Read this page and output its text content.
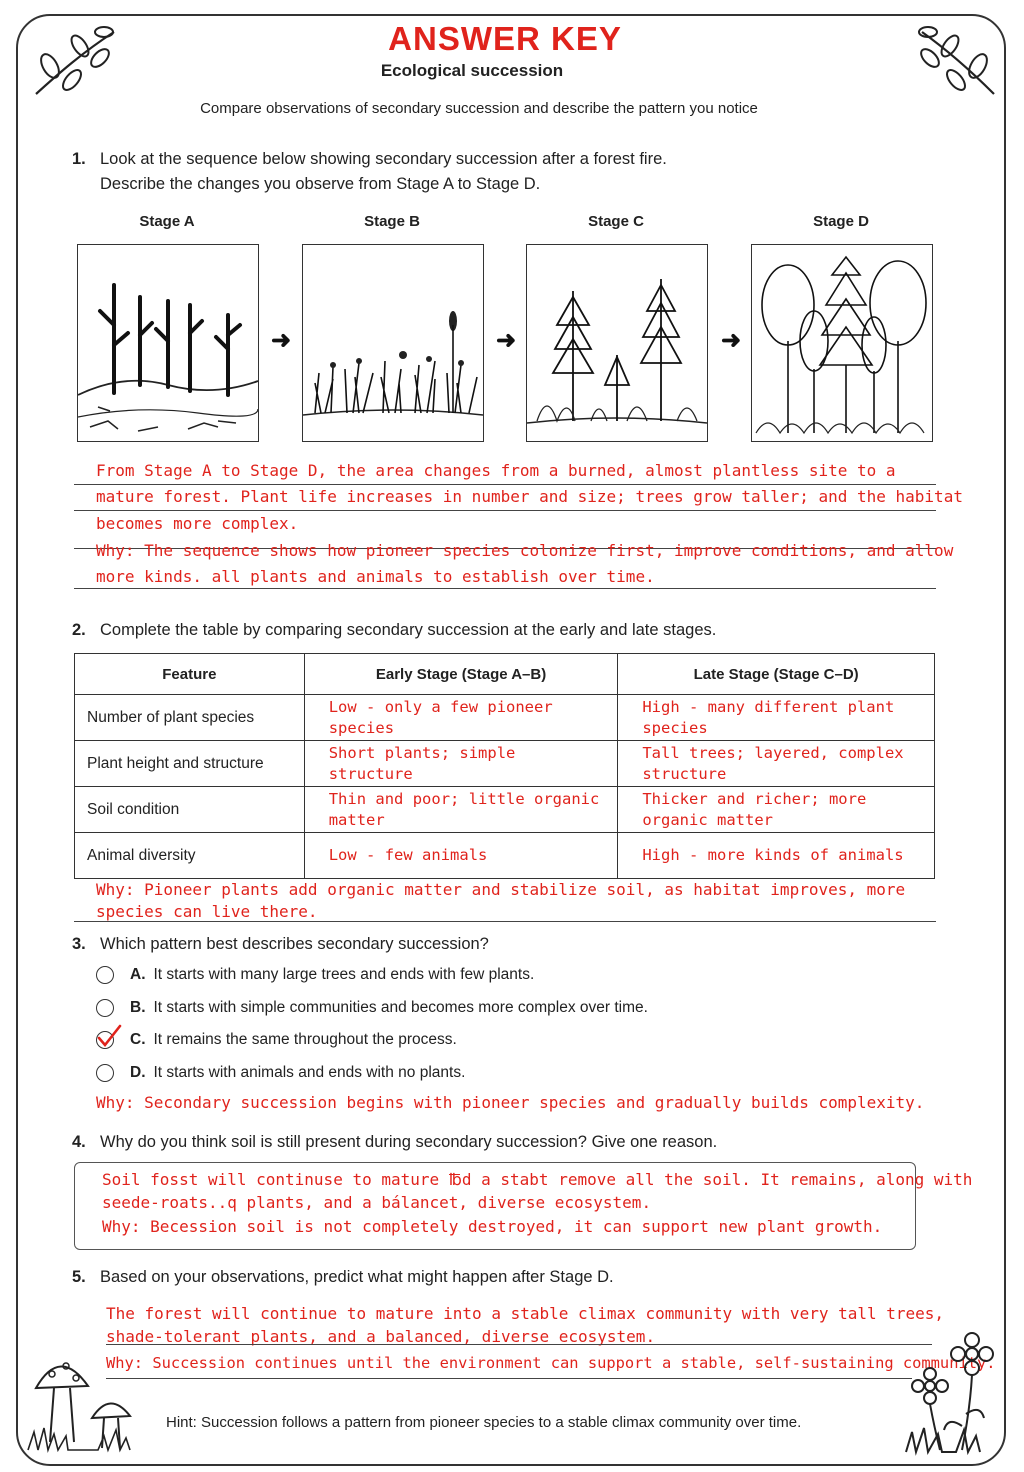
ANSWER KEY
Ecological succession
Compare observations of secondary succession and describe the pattern you notice
1. Look at the sequence below showing secondary succession after a forest fire.
Describe the changes you observe from Stage A to Stage D.
Stage A	Stage B	Stage C	Stage D
➜	➜	➜
From Stage A to Stage D, the area changes from a burned, almost plantless site to a
mature forest. Plant life increases in number and size; trees grow taller; and the habitat
becomes more complex.
Why: The sequence shows how pioneer species colonize first, improve conditions, and allow
more kinds. all plants and animals to establish over time.
2. Complete the table by comparing secondary succession at the early and late stages.
Feature	Early Stage (Stage A–B)	Late Stage (Stage C–D)
Number of plant species	Low - only a few pioneer species	High - many different plant species
Plant height and structure	Short plants; simple structure	Tall trees; layered, complex structure
Soil condition	Thin and poor; little organic matter	Thicker and richer; more organic matter
Animal diversity	Low - few animals	High - more kinds of animals
Why: Pioneer plants add organic matter and stabilize soil, as habitat improves, more
species can live there.
3. Which pattern best describes secondary succession?
A. It starts with many large trees and ends with few plants.
B. It starts with simple communities and becomes more complex over time.
C. It remains the same throughout the process.
D. It starts with animals and ends with no plants.
Why: Secondary succession begins with pioneer species and gradually builds complexity.
4. Why do you think soil is still present during secondary succession? Give one reason.
Soil fosst will continuse to mature ℔d a stabt remove all the soil. It remains, along with
seede-roats..q plants, and a bálancet, diverse ecosystem.
Why: Becession soil is not completely destroyed, it can support new plant growth.
5. Based on your observations, predict what might happen after Stage D.
The forest will continue to mature into a stable climax community with very tall trees,
shade-tolerant plants, and a balanced, diverse ecosystem.
Why: Succession continues until the environment can support a stable, self-sustaining community.
Hint: Succession follows a pattern from pioneer species to a stable climax community over time.
